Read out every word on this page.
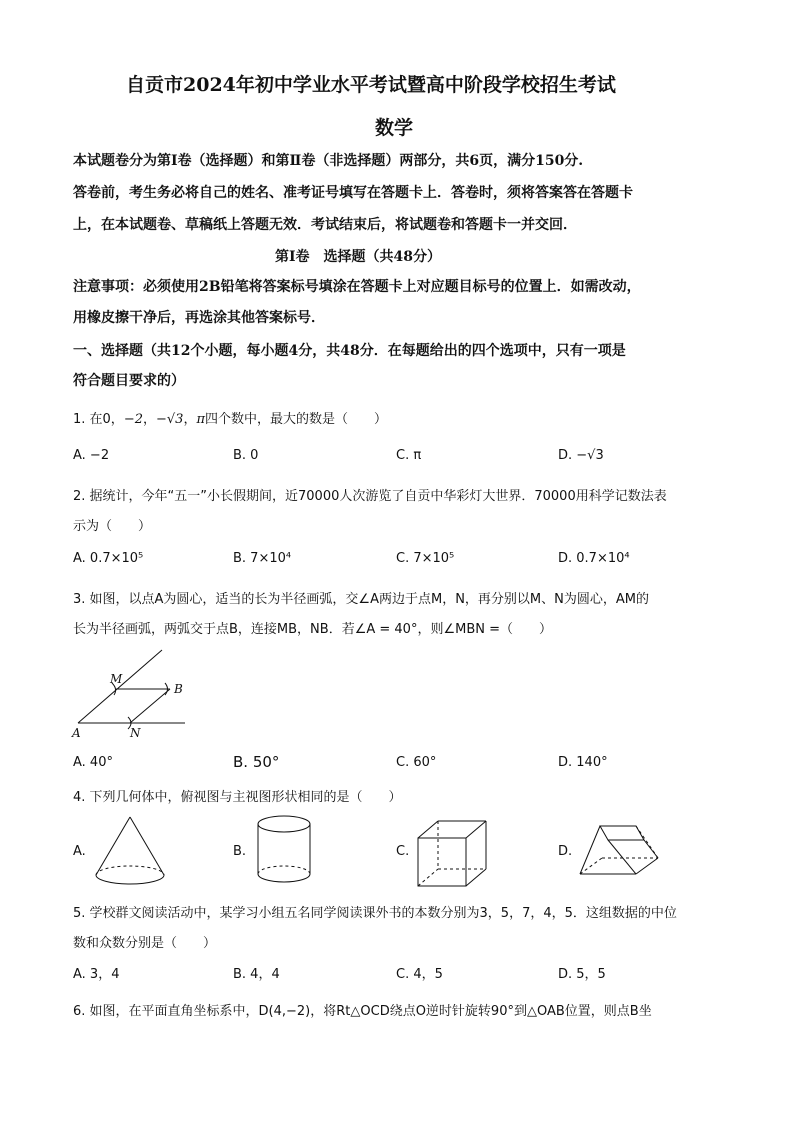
自贡市2024年初中学业水平考试暨高中阶段学校招生考试
数学
本试题卷分为第Ⅰ卷（选择题）和第Ⅱ卷（非选择题）两部分，共6页，满分150分.
答卷前，考生务必将自己的姓名、准考证号填写在答题卡上．答卷时，须将答案答在答题卡
上，在本试题卷、草稿纸上答题无效．考试结束后，将试题卷和答题卡一并交回．
第Ⅰ卷　选择题（共48分）
注意事项：必须使用2B铅笔将答案标号填涂在答题卡上对应题目标号的位置上．如需改动，
用橡皮擦干净后，再选涂其他答案标号．
一、选择题（共12个小题，每小题4分，共48分．在每题给出的四个选项中，只有一项是
符合题目要求的）
1. 在0，−2，−√3，π四个数中，最大的数是（　　）
A. −2	B. 0	C. π	D. −√3
2. 据统计，今年“五一”小长假期间，近70000人次游览了自贡中华彩灯大世界．70000用科学记数法表
示为（　　）
A. 0.7×10⁵	B. 7×10⁴	C. 7×10⁵	D. 0.7×10⁴
3. 如图，以点A为圆心，适当的长为半径画弧，交∠A两边于点M，N，再分别以M、N为圆心，AM的
长为半径画弧，两弧交于点B，连接MB，NB．若∠A = 40°，则∠MBN =（　　）
M
B
A	N
A. 40°	B. 50°	C. 60°	D. 140°
4. 下列几何体中，俯视图与主视图形状相同的是（　　）
A.	B.	C.	D.
5. 学校群文阅读活动中，某学习小组五名同学阅读课外书的本数分别为3，5，7，4，5．这组数据的中位
数和众数分别是（　　）
A. 3，4	B. 4，4	C. 4，5	D. 5，5
6. 如图，在平面直角坐标系中，D(4,−2)，将Rt△OCD绕点O逆时针旋转90°到△OAB位置，则点B坐
